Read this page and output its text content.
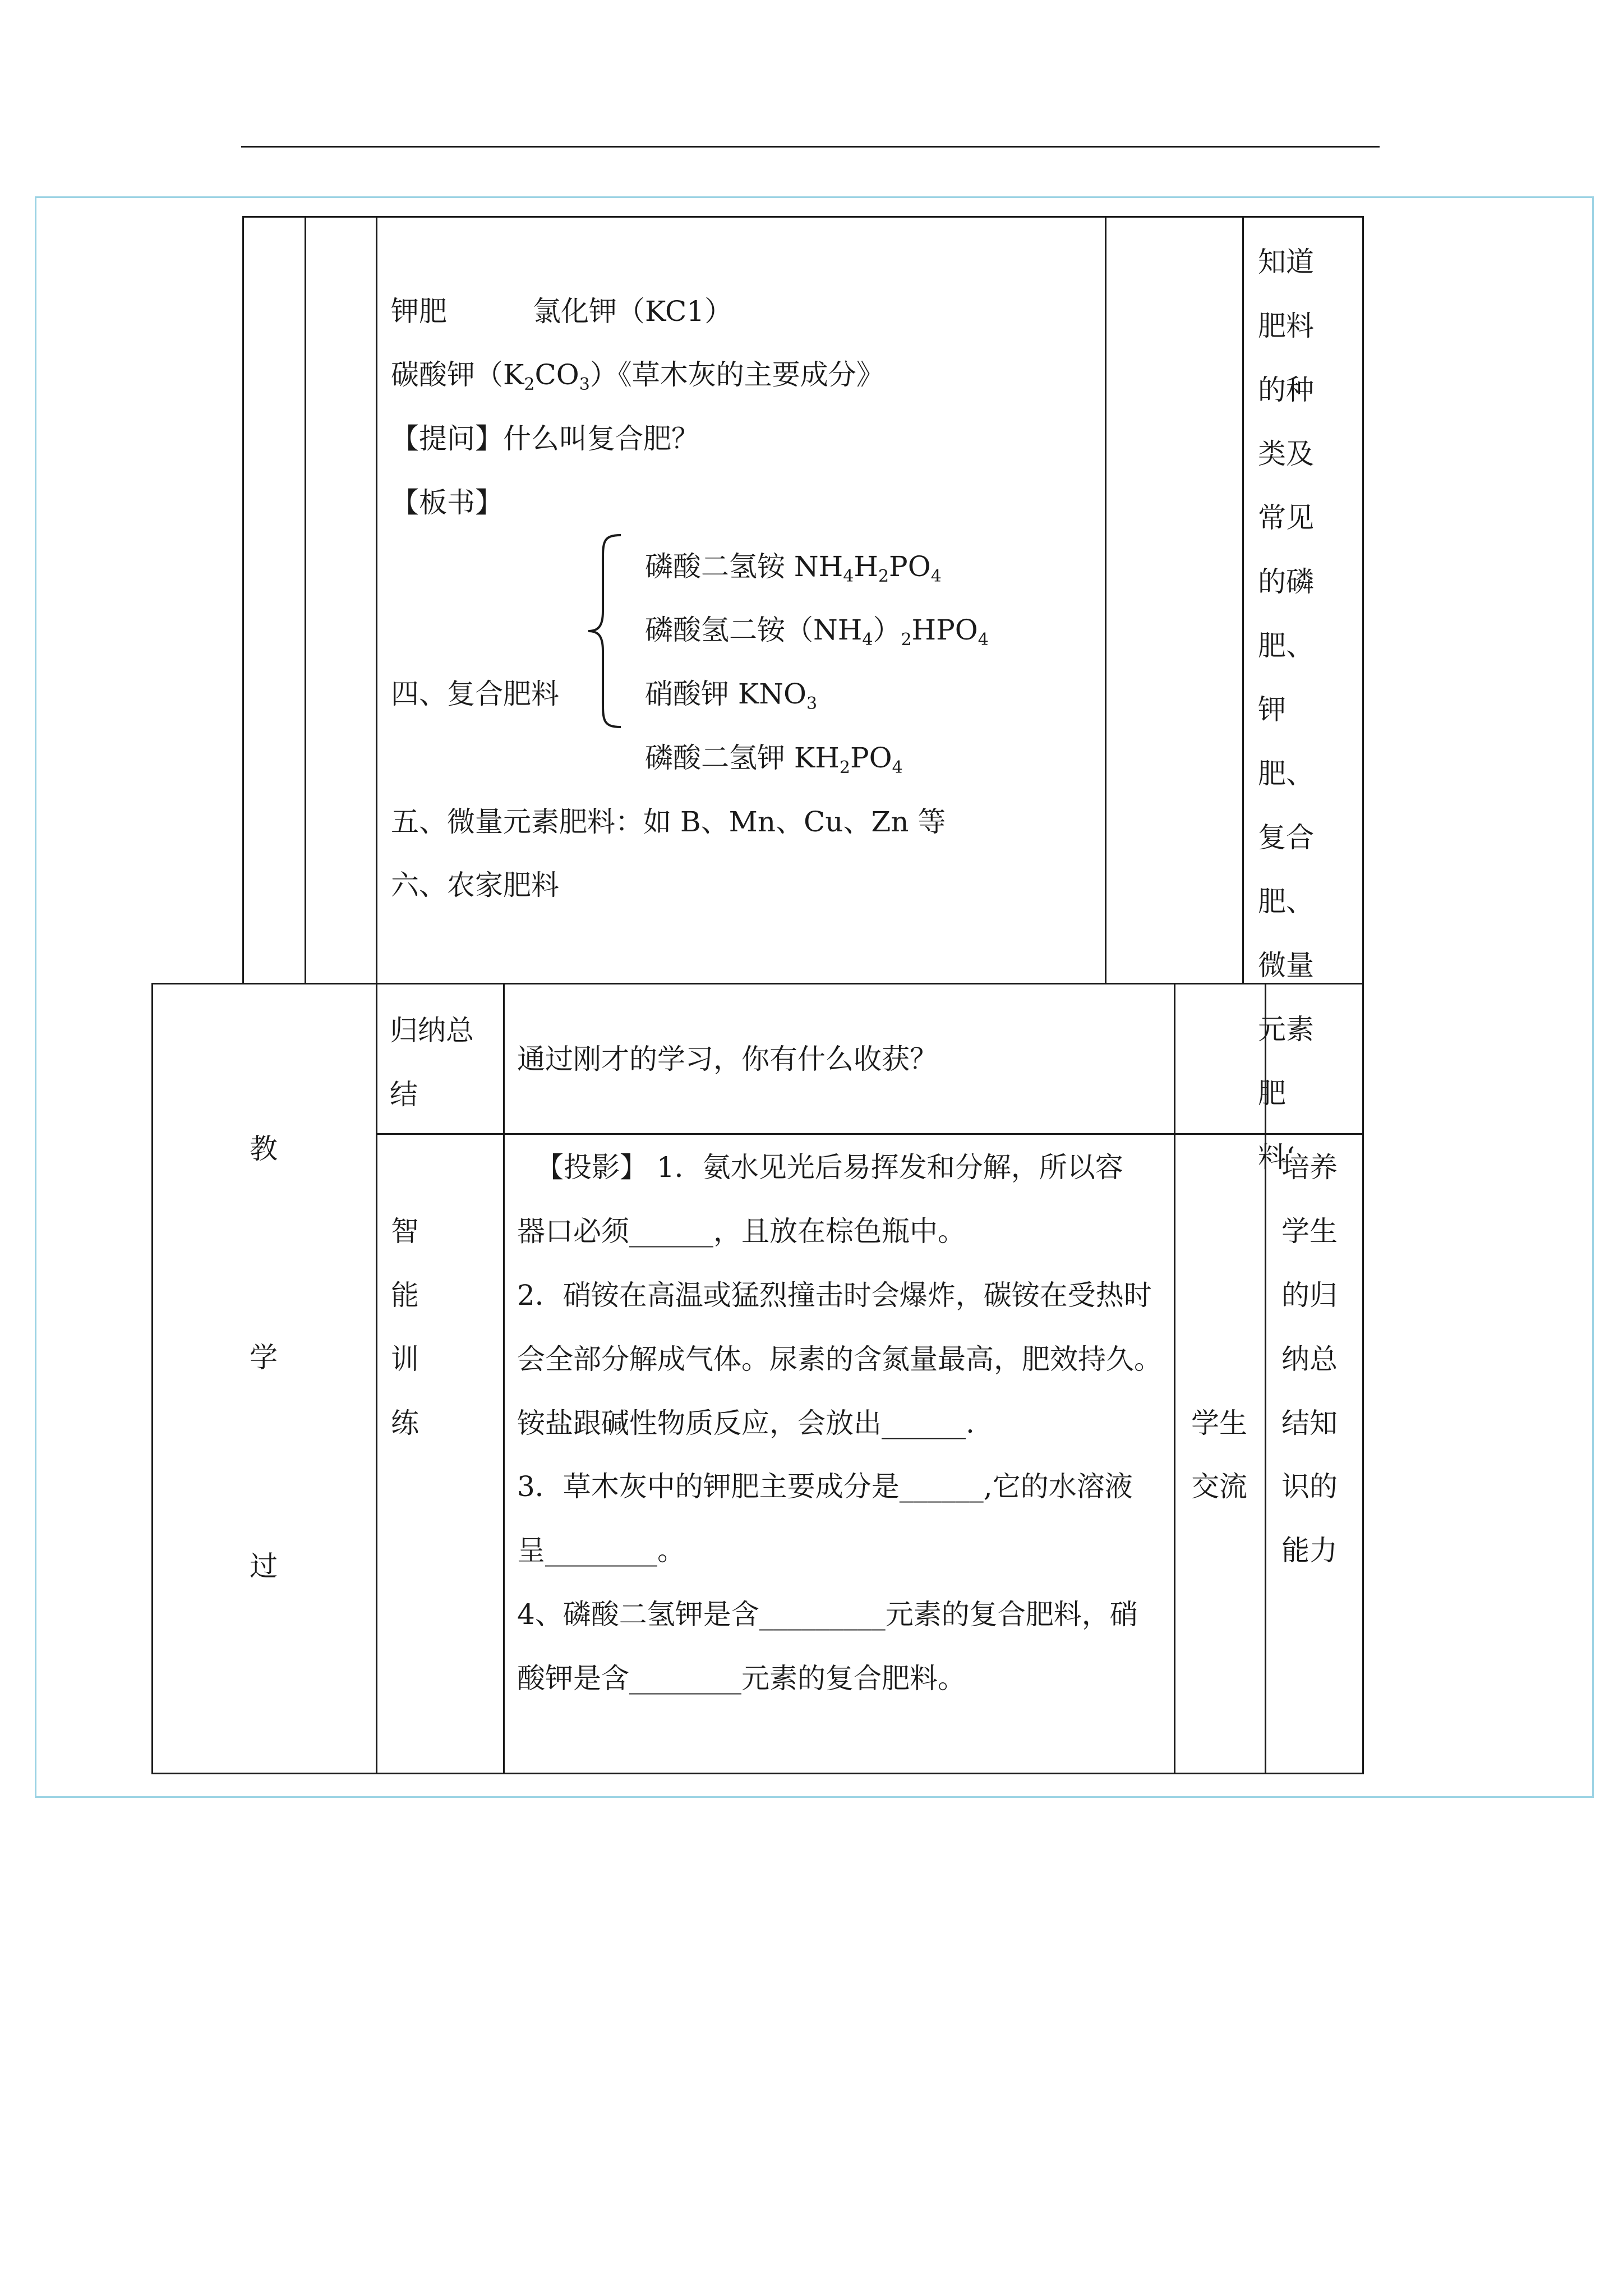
钾肥	氯化钾（KC1）
碳酸钾$(K_2CO_3)$《草木灰的主要成分》
【提问】什么叫复合肥？
【板书】
磷酸二氢铵 $NH_4H_2PO_4$
磷酸氢二铵$(NH_4)_2HPO_4$
四、复合肥料	硝酸钾 $KNO_3$
磷酸二氢钾 $KH_2PO_4$
五、微量元素肥料：如 B、Mn、Cu、Zn 等
六、农家肥料
知道肥料的种类及常见的磷肥、钾肥、复合肥、微量元素肥料‘
教
学
过
归纳总结
通过刚才的学习，你有什么收获？
智
能
训
练
【投影】 1．氨水见光后易挥发和分解，所以容
器口必须______，且放在棕色瓶中。
2．硝铵在高温或猛烈撞击时会爆炸，碳铵在受热时
会全部分解成气体。尿素的含氮量最高，肥效持久。
铵盐跟碱性物质反应，会放出______.
3．草木灰中的钾肥主要成分是______,它的水溶液
呈________。
4、磷酸二氢钾是含_________元素的复合肥料，硝
酸钾是含________元素的复合肥料。
学生
交流
培养
学生
的归
纳总
结知
识的
能力
